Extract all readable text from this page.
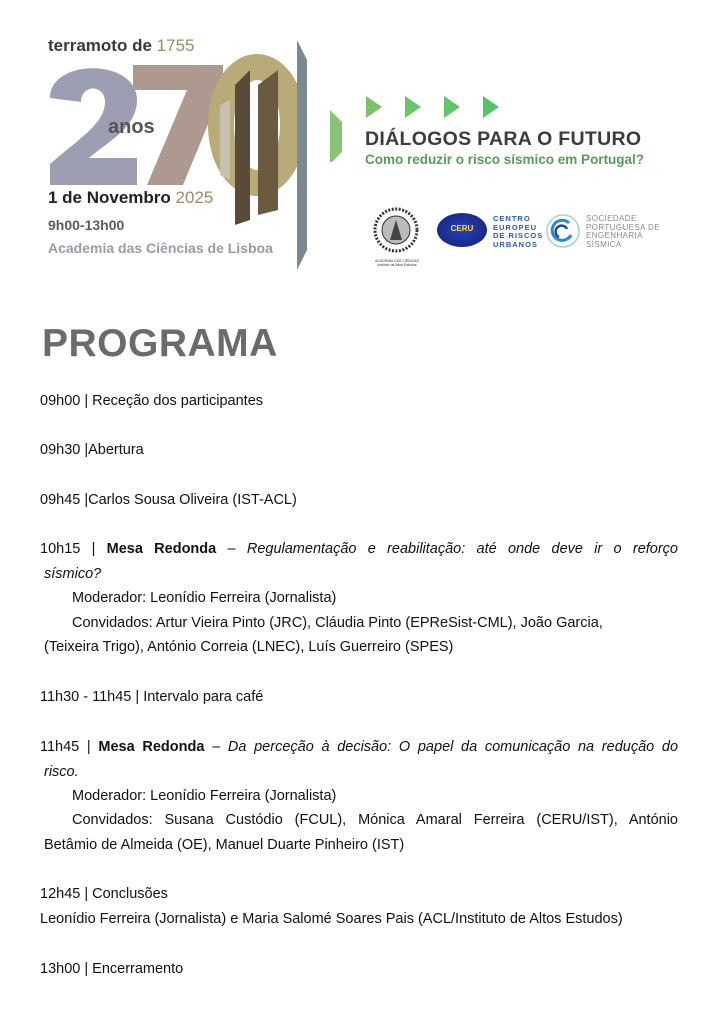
terramoto de 1755
anos
1 de Novembro 2025
9h00-13h00
Academia das Ciências de Lisboa
DIÁLOGOS PARA O FUTURO
Como reduzir o risco sísmico em Portugal?
ACADEMIA DAS CIÊNCIAS
Instituto de Altos Estudos
CERU
CENTRO
EUROPEU
DE RISCOS
URBANOS
SOCIEDADE
PORTUGUESA DE
ENGENHARIA
SÍSMICA
PROGRAMA
09h00 | Receção dos participantes
09h30 |Abertura
09h45 |Carlos Sousa Oliveira (IST-ACL)
10h15 | Mesa Redonda – Regulamentação e reabilitação: até onde deve ir o reforço
sísmico?
Moderador: Leonídio Ferreira (Jornalista)
Convidados: Artur Vieira Pinto (JRC), Cláudia Pinto (EPReSist-CML), João Garcia,
(Teixeira Trigo), António Correia (LNEC), Luís Guerreiro (SPES)
11h30 - 11h45 | Intervalo para café
11h45 | Mesa Redonda – Da perceção à decisão: O papel da comunicação na redução do
risco.
Moderador: Leonídio Ferreira (Jornalista)
Convidados: Susana Custódio (FCUL), Mónica Amaral Ferreira (CERU/IST), António
Betâmio de Almeida (OE), Manuel Duarte Pinheiro (IST)
12h45 | Conclusões
Leonídio Ferreira (Jornalista) e Maria Salomé Soares Pais (ACL/Instituto de Altos Estudos)
13h00 | Encerramento
